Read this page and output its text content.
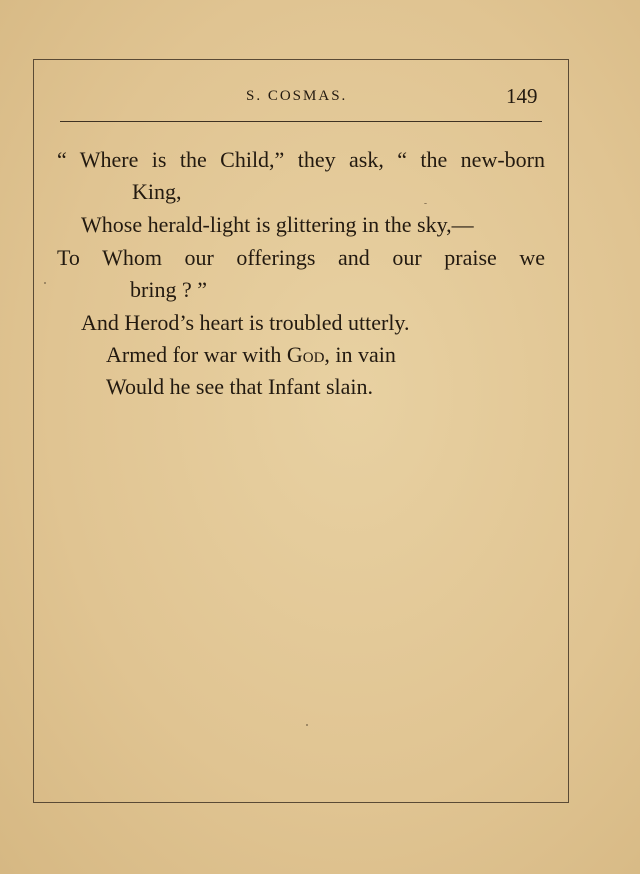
S. COSMAS.	149
“ Where is the Child,” they ask, “ the new-born
King,
Whose herald-light is glittering in the sky,—
To Whom our offerings and our praise we
bring ? ”
And Herod’s heart is troubled utterly.
Armed for war with God, in vain
Would he see that Infant slain.
